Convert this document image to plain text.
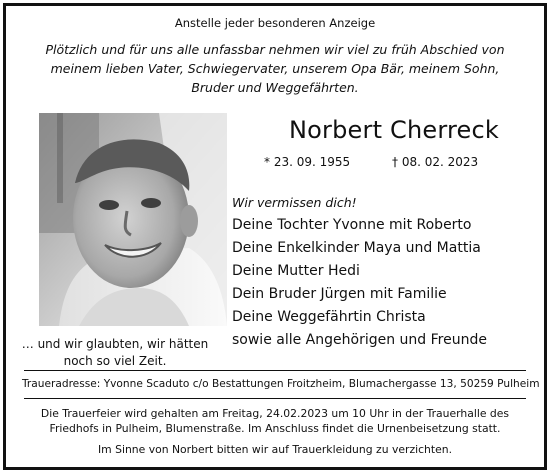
Anstelle jeder besonderen Anzeige
Plötzlich und für uns alle unfassbar nehmen wir viel zu früh Abschied von
meinem lieben Vater, Schwiegervater, unserem Opa Bär, meinem Sohn,
Bruder und Weggefährten.
Norbert Cherreck
* 23. 09. 1955	† 08. 02. 2023
Wir vermissen dich!
Deine Tochter Yvonne mit Roberto
Deine Enkelkinder Maya und Mattia
Deine Mutter Hedi
Dein Bruder Jürgen mit Familie
Deine Weggefährtin Christa
sowie alle Angehörigen und Freunde
… und wir glaubten, wir hätten
noch so viel Zeit.
Traueradresse: Yvonne Scaduto c/o Bestattungen Froitzheim, Blumachergasse 13, 50259 Pulheim
Die Trauerfeier wird gehalten am Freitag, 24.02.2023 um 10 Uhr in der Trauerhalle des
Friedhofs in Pulheim, Blumenstraße. Im Anschluss findet die Urnenbeisetzung statt.
Im Sinne von Norbert bitten wir auf Trauerkleidung zu verzichten.
